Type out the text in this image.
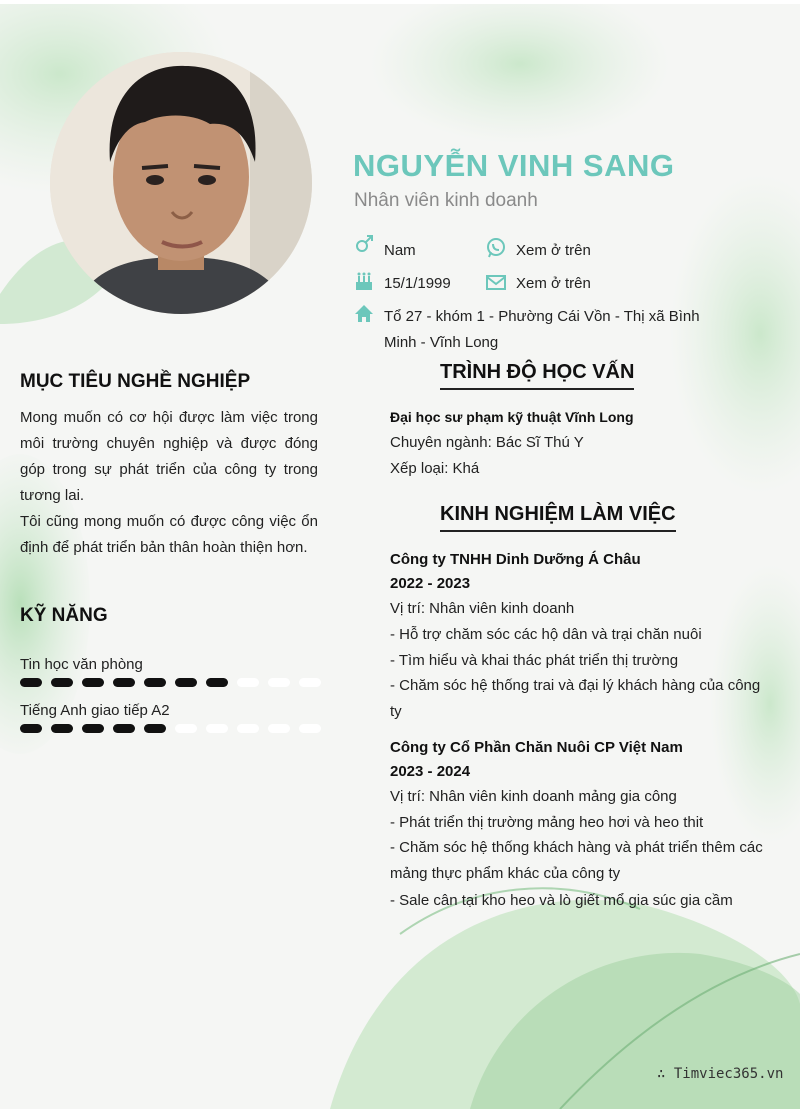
NGUYỄN VINH SANG
Nhân viên kinh doanh
Nam	Xem ở trên
15/1/1999	Xem ở trên
Tổ 27 - khóm 1 - Phường Cái Vồn - Thị xã Bình
Minh - Vĩnh Long
MỤC TIÊU NGHỀ NGHIỆP

Mong muốn có cơ hội được làm việc trong môi trường chuyên nghiệp và được đóng góp trong sự phát triển của công ty trong tương lai.

Tôi cũng mong muốn có được công việc ổn định để phát triển bản thân hoàn thiện hơn.

KỸ NĂNG
Tin học văn phòng
Tiếng Anh giao tiếp A2
TRÌNH ĐỘ HỌC VẤN
Đại học sư phạm kỹ thuật Vĩnh Long
Chuyên ngành: Bác Sĩ Thú Y
Xếp loại: Khá
KINH NGHIỆM LÀM VIỆC
Công ty TNHH Dinh Dưỡng Á Châu
2022 - 2023
Vị trí: Nhân viên kinh doanh
- Hỗ trợ chăm sóc các hộ dân và trại chăn nuôi
- Tìm hiểu và khai thác phát triển thị trường
- Chăm sóc hệ thống trai và đại lý khách hàng của công ty
Công ty Cổ Phần Chăn Nuôi CP Việt Nam
2023 - 2024
Vị trí: Nhân viên kinh doanh mảng gia công
- Phát triển thị trường mảng heo hơi và heo thit
- Chăm sóc hệ thống khách hàng và phát triển thêm các mảng thực phẩm khác của công ty
- Sale cân tại kho heo và lò giết mổ gia súc gia cầm
∴ Timviec365.vn
